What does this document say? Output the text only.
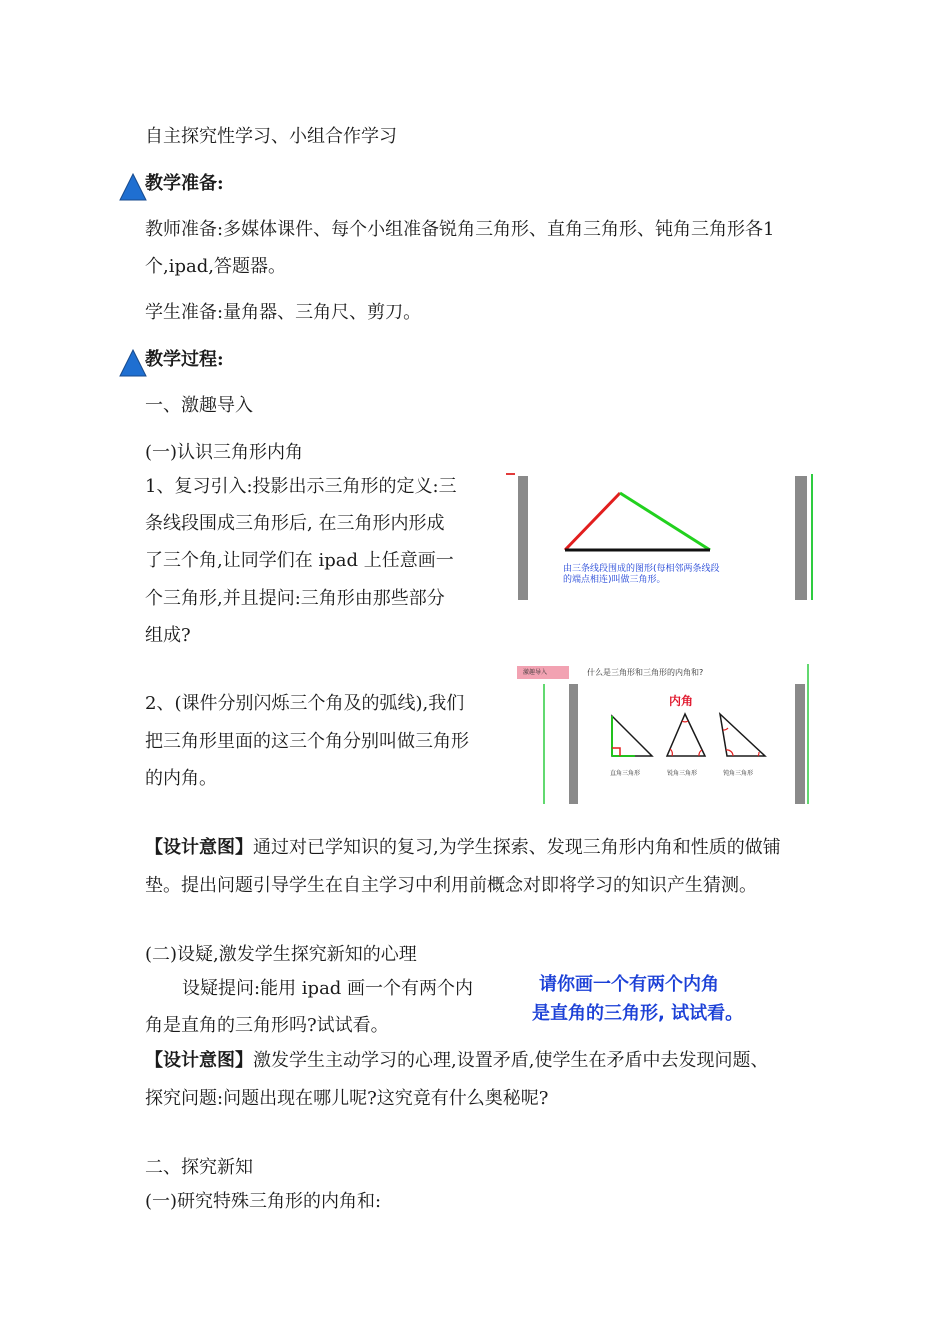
自主探究性学习、小组合作学习
教学准备:
教师准备:多媒体课件、每个小组准备锐角三角形、直角三角形、钝角三角形各1
个,ipad,答题器。
学生准备:量角器、三角尺、剪刀。
教学过程:
一、激趣导入
(一)认识三角形内角
1、复习引入:投影出示三角形的定义:三
条线段围成三角形后, 在三角形内形成
了三个角,让同学们在 ipad 上任意画一
个三角形,并且提问:三角形由那些部分
组成?
2、(课件分别闪烁三个角及的弧线),我们
把三角形里面的这三个角分别叫做三角形
的内角。
【设计意图】通过对已学知识的复习,为学生探索、发现三角形内角和性质的做铺
垫。提出问题引导学生在自主学习中利用前概念对即将学习的知识产生猜测。
(二)设疑,激发学生探究新知的心理
设疑提问:能用 ipad 画一个有两个内
角是直角的三角形吗?试试看。
【设计意图】激发学生主动学习的心理,设置矛盾,使学生在矛盾中去发现问题、
探究问题:问题出现在哪儿呢?这究竟有什么奥秘呢?
二、探究新知
(一)研究特殊三角形的内角和:
由三条线段围成的图形(每相邻两条线段
的端点相连)叫做三角形。
激趣导入	什么是三角形和三角形的内角和?
内角
直角三角形	锐角三角形	钝角三角形
请你画一个有两个内角
是直角的三角形, 试试看。
